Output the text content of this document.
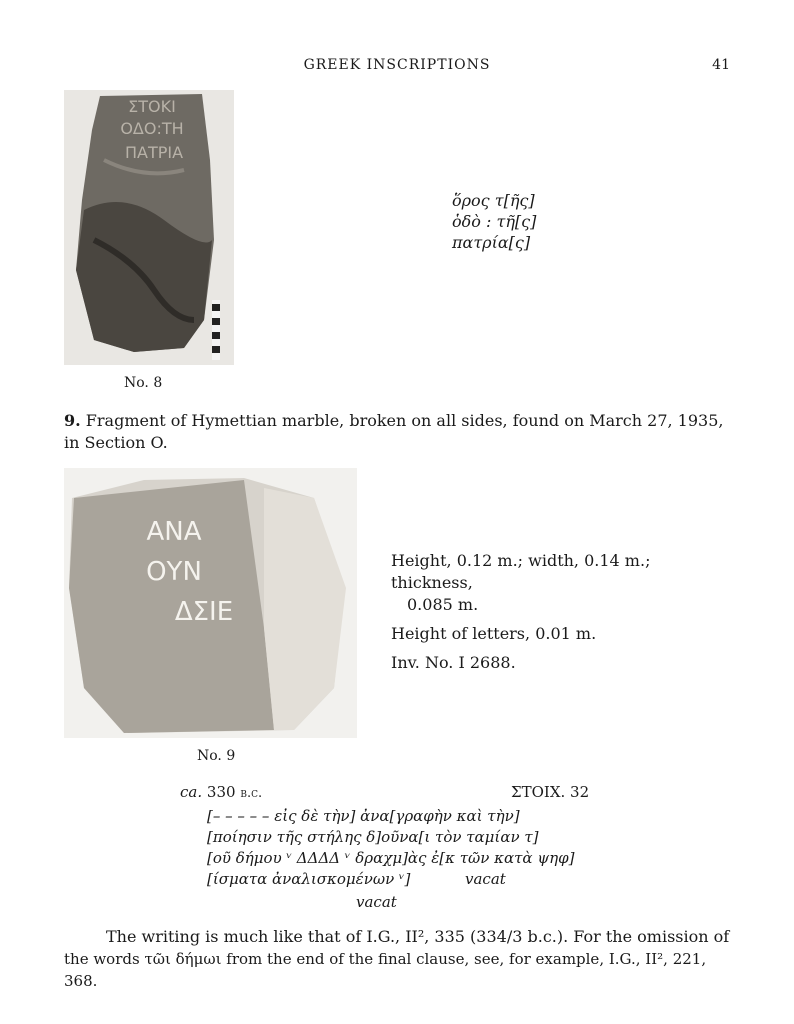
GREEK INSCRIPTIONS	41
ΣΤΟΚΙ
ΟΔΟ:ΤΗ
ΠΑΤΡΙΑ
No. 8
ὅρος τ[ῆς]
ὁδὸ : τῆ[ς]
πατρία[ς]
9. Fragment of Hymettian marble, broken on all sides, found on March 27, 1935, in Section O.
ΑΝΑ
ΟΥΝ
ΔΣΙΕ
No. 9
Height, 0.12 m.; width, 0.14 m.; thickness,
0.085 m.
Height of letters, 0.01 m.
Inv. No. I 2688.
ca. 330 b.c.	ΣΤΟΙΧ. 32
[– – – – – εἰς δὲ τὴν] ἀνα[γραφὴν καὶ τὴν]
[ποίησιν τῆς στήλης δ]οῦνα[ι τὸν ταμίαν τ]
[οῦ δήμου ᵛ ΔΔΔΔ ᵛ δραχμ]ὰς ἐ[κ τῶν κατὰ ψηφ]
[ίσματα ἀναλισκομένων ᵛ]	vacat
vacat
The writing is much like that of I.G., II², 335 (334/3 b.c.). For the omission of
the words τῶι δήμωι from the end of the final clause, see, for example, I.G., II², 221, 368.
